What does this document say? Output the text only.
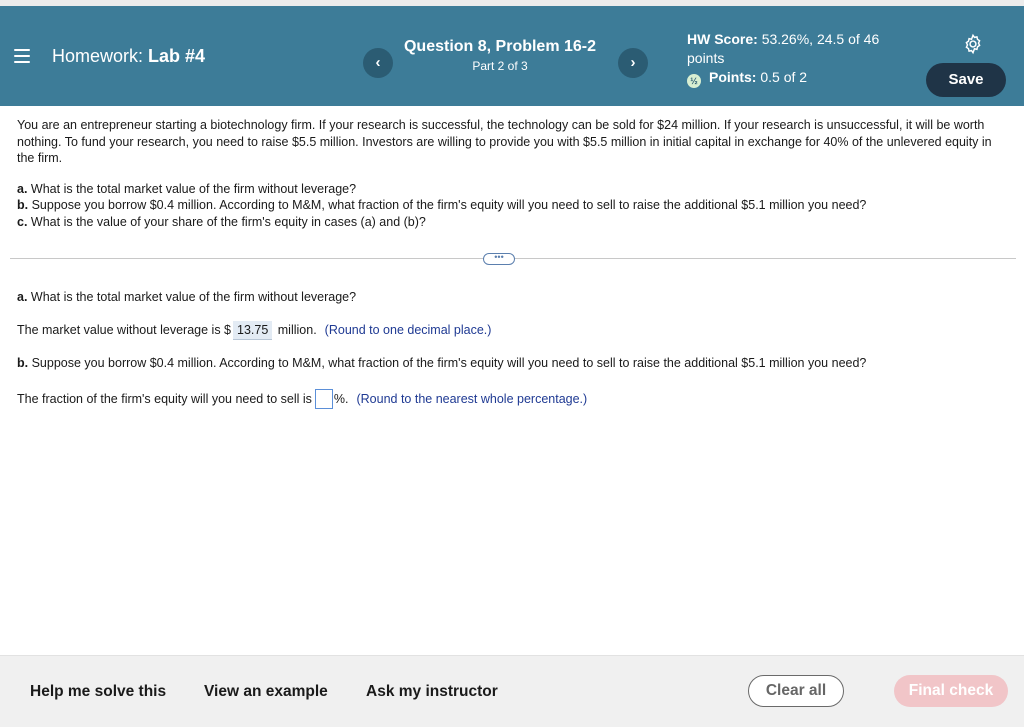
Homework: Lab #4	‹
Question 8, Problem 16-2
Part 2 of 3	›
HW Score: 53.26%, 24.5 of 46 points
½ Points: 0.5 of 2	Save

You are an entrepreneur starting a biotechnology firm. If your research is successful, the technology can be sold for $24 million. If your research is unsuccessful, it will be worth nothing. To fund your research, you need to raise $5.5 million. Investors are willing to provide you with $5.5 million in initial capital in exchange for 40% of the unlevered equity in the firm.

a. What is the total market value of the firm without leverage?
b. Suppose you borrow $0.4 million. According to M&M, what fraction of the firm's equity will you need to sell to raise the additional $5.1 million you need?
c. What is the value of your share of the firm's equity in cases (a) and (b)?
•••
a. What is the total market value of the firm without leverage?
The market value without leverage is $ 13.75 million. (Round to one decimal place.)
b. Suppose you borrow $0.4 million. According to M&M, what fraction of the firm's equity will you need to sell to raise the additional $5.1 million you need?
The fraction of the firm's equity will you need to sell is %. (Round to the nearest whole percentage.)
Help me solve this View an example Ask my instructor	Clear all	Final check
